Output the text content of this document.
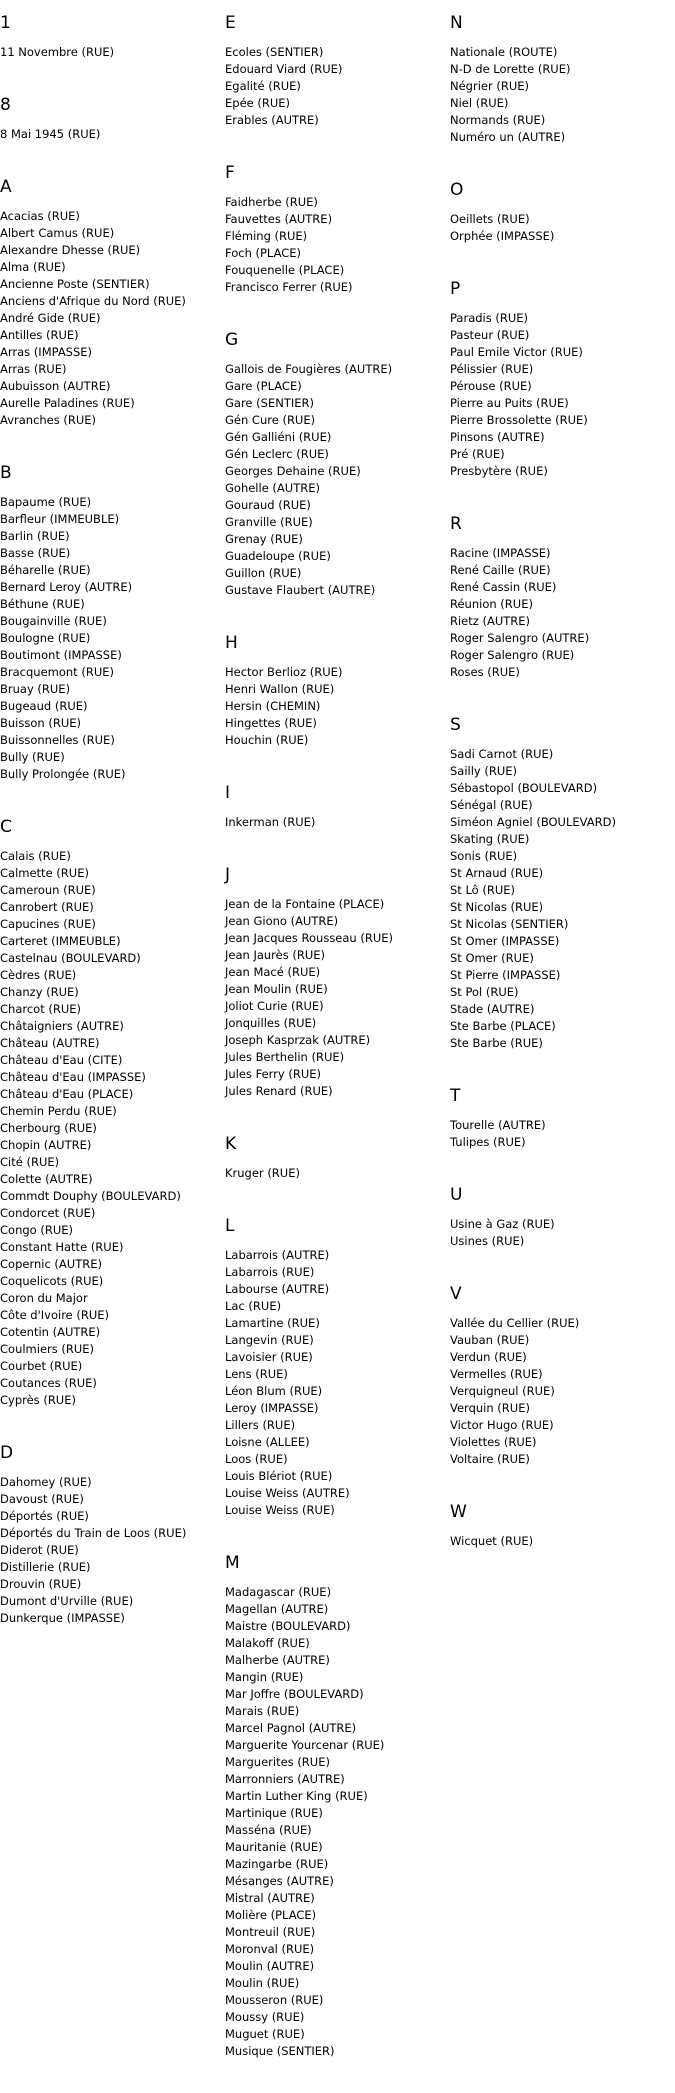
1
11 Novembre (RUE)
8
8 Mai 1945 (RUE)
A
Acacias (RUE)
Albert Camus (RUE)
Alexandre Dhesse (RUE)
Alma (RUE)
Ancienne Poste (SENTIER)
Anciens d'Afrique du Nord (RUE)
André Gide (RUE)
Antilles (RUE)
Arras (IMPASSE)
Arras (RUE)
Aubuisson (AUTRE)
Aurelle Paladines (RUE)
Avranches (RUE)
B
Bapaume (RUE)
Barfleur (IMMEUBLE)
Barlin (RUE)
Basse (RUE)
Béharelle (RUE)
Bernard Leroy (AUTRE)
Béthune (RUE)
Bougainville (RUE)
Boulogne (RUE)
Boutimont (IMPASSE)
Bracquemont (RUE)
Bruay (RUE)
Bugeaud (RUE)
Buisson (RUE)
Buissonnelles (RUE)
Bully (RUE)
Bully Prolongée (RUE)
C
Calais (RUE)
Calmette (RUE)
Cameroun (RUE)
Canrobert (RUE)
Capucines (RUE)
Carteret (IMMEUBLE)
Castelnau (BOULEVARD)
Cèdres (RUE)
Chanzy (RUE)
Charcot (RUE)
Châtaigniers (AUTRE)
Château (AUTRE)
Château d'Eau (CITE)
Château d'Eau (IMPASSE)
Château d'Eau (PLACE)
Chemin Perdu (RUE)
Cherbourg (RUE)
Chopin (AUTRE)
Cité (RUE)
Colette (AUTRE)
Commdt Douphy (BOULEVARD)
Condorcet (RUE)
Congo (RUE)
Constant Hatte (RUE)
Copernic (AUTRE)
Coquelicots (RUE)
Coron du Major
Côte d'Ivoire (RUE)
Cotentin (AUTRE)
Coulmiers (RUE)
Courbet (RUE)
Coutances (RUE)
Cyprès (RUE)
D
Dahomey (RUE)
Davoust (RUE)
Déportés (RUE)
Déportés du Train de Loos (RUE)
Diderot (RUE)
Distillerie (RUE)
Drouvin (RUE)
Dumont d'Urville (RUE)
Dunkerque (IMPASSE)
E
Ecoles (SENTIER)
Edouard Viard (RUE)
Egalité (RUE)
Epée (RUE)
Erables (AUTRE)
F
Faidherbe (RUE)
Fauvettes (AUTRE)
Fléming (RUE)
Foch (PLACE)
Fouquenelle (PLACE)
Francisco Ferrer (RUE)
G
Gallois de Fougières (AUTRE)
Gare (PLACE)
Gare (SENTIER)
Gén Cure (RUE)
Gén Galliéni (RUE)
Gén Leclerc (RUE)
Georges Dehaine (RUE)
Gohelle (AUTRE)
Gouraud (RUE)
Granville (RUE)
Grenay (RUE)
Guadeloupe (RUE)
Guillon (RUE)
Gustave Flaubert (AUTRE)
H
Hector Berlioz (RUE)
Henri Wallon (RUE)
Hersin (CHEMIN)
Hingettes (RUE)
Houchin (RUE)
I
Inkerman (RUE)
J
Jean de la Fontaine (PLACE)
Jean Giono (AUTRE)
Jean Jacques Rousseau (RUE)
Jean Jaurès (RUE)
Jean Macé (RUE)
Jean Moulin (RUE)
Joliot Curie (RUE)
Jonquilles (RUE)
Joseph Kasprzak (AUTRE)
Jules Berthelin (RUE)
Jules Ferry (RUE)
Jules Renard (RUE)
K
Kruger (RUE)
L
Labarrois (AUTRE)
Labarrois (RUE)
Labourse (AUTRE)
Lac (RUE)
Lamartine (RUE)
Langevin (RUE)
Lavoisier (RUE)
Lens (RUE)
Léon Blum (RUE)
Leroy (IMPASSE)
Lillers (RUE)
Loisne (ALLEE)
Loos (RUE)
Louis Blériot (RUE)
Louise Weiss (AUTRE)
Louise Weiss (RUE)
M
Madagascar (RUE)
Magellan (AUTRE)
Maistre (BOULEVARD)
Malakoff (RUE)
Malherbe (AUTRE)
Mangin (RUE)
Mar Joffre (BOULEVARD)
Marais (RUE)
Marcel Pagnol (AUTRE)
Marguerite Yourcenar (RUE)
Marguerites (RUE)
Marronniers (AUTRE)
Martin Luther King (RUE)
Martinique (RUE)
Masséna (RUE)
Mauritanie (RUE)
Mazingarbe (RUE)
Mésanges (AUTRE)
Mistral (AUTRE)
Molière (PLACE)
Montreuil (RUE)
Moronval (RUE)
Moulin (AUTRE)
Moulin (RUE)
Mousseron (RUE)
Moussy (RUE)
Muguet (RUE)
Musique (SENTIER)
N
Nationale (ROUTE)
N-D de Lorette (RUE)
Négrier (RUE)
Niel (RUE)
Normands (RUE)
Numéro un (AUTRE)
O
Oeillets (RUE)
Orphée (IMPASSE)
P
Paradis (RUE)
Pasteur (RUE)
Paul Emile Victor (RUE)
Pélissier (RUE)
Pérouse (RUE)
Pierre au Puits (RUE)
Pierre Brossolette (RUE)
Pinsons (AUTRE)
Pré (RUE)
Presbytère (RUE)
R
Racine (IMPASSE)
René Caille (RUE)
René Cassin (RUE)
Réunion (RUE)
Rietz (AUTRE)
Roger Salengro (AUTRE)
Roger Salengro (RUE)
Roses (RUE)
S
Sadi Carnot (RUE)
Sailly (RUE)
Sébastopol (BOULEVARD)
Sénégal (RUE)
Siméon Agniel (BOULEVARD)
Skating (RUE)
Sonis (RUE)
St Arnaud (RUE)
St Lô (RUE)
St Nicolas (RUE)
St Nicolas (SENTIER)
St Omer (IMPASSE)
St Omer (RUE)
St Pierre (IMPASSE)
St Pol (RUE)
Stade (AUTRE)
Ste Barbe (PLACE)
Ste Barbe (RUE)
T
Tourelle (AUTRE)
Tulipes (RUE)
U
Usine à Gaz (RUE)
Usines (RUE)
V
Vallée du Cellier (RUE)
Vauban (RUE)
Verdun (RUE)
Vermelles (RUE)
Verquigneul (RUE)
Verquin (RUE)
Victor Hugo (RUE)
Violettes (RUE)
Voltaire (RUE)
W
Wicquet (RUE)
